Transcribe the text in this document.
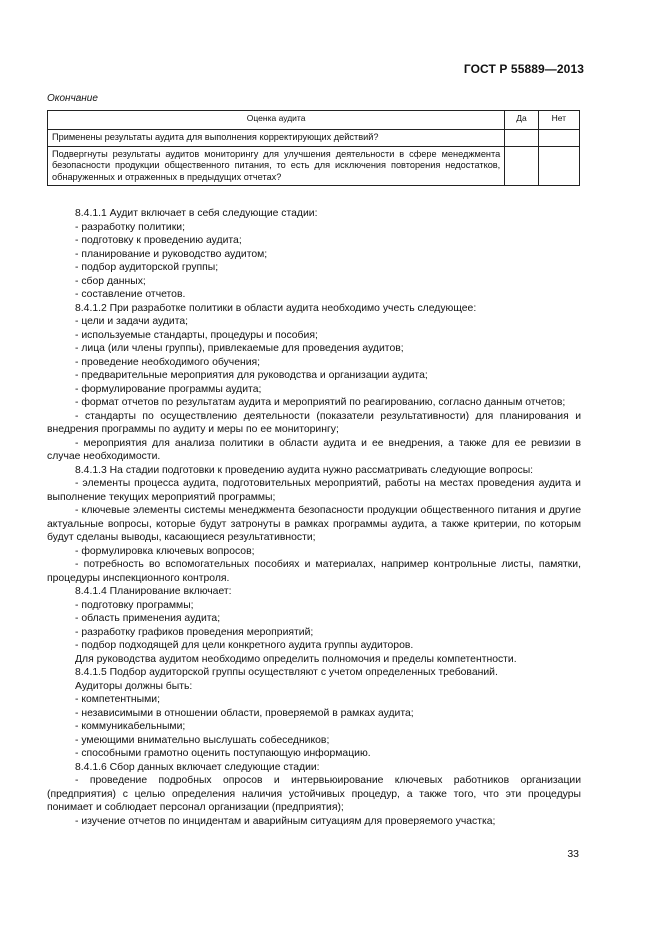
ГОСТ Р 55889—2013
Окончание
Оценка аудита	Да	Нет
Применены результаты аудита для выполнения корректирующих действий?		
Подвергнуты результаты аудитов мониторингу для улучшения деятельности в сфере менеджмента безопасности продукции общественного питания, то есть для исключения повторения недостатков, обнаруженных и отраженных в предыдущих отчетах?		

8.4.1.1 Аудит включает в себя следующие стадии:

- разработку политики;

- подготовку к проведению аудита;

- планирование и руководство аудитом;

- подбор аудиторской группы;

- сбор данных;

- составление отчетов.

8.4.1.2 При разработке политики в области аудита необходимо учесть следующее:

- цели и задачи аудита;

- используемые стандарты, процедуры и пособия;

- лица (или члены группы), привлекаемые для проведения аудитов;

- проведение необходимого обучения;

- предварительные мероприятия для руководства и организации аудита;

- формулирование программы аудита;

- формат отчетов по результатам аудита и мероприятий по реагированию, согласно данным отчетов;

- стандарты по осуществлению деятельности (показатели результативности) для планирования и внедрения программы по аудиту и меры по ее мониторингу;

- мероприятия для анализа политики в области аудита и ее внедрения, а также для ее ревизии в случае необходимости.

8.4.1.3 На стадии подготовки к проведению аудита нужно рассматривать следующие вопросы:

- элементы процесса аудита, подготовительных мероприятий, работы на местах проведения аудита и выполнение текущих мероприятий программы;

- ключевые элементы системы менеджмента безопасности продукции общественного питания и другие актуальные вопросы, которые будут затронуты в рамках программы аудита, а также критерии, по которым будут сделаны выводы, касающиеся результативности;

- формулировка ключевых вопросов;

- потребность во вспомогательных пособиях и материалах, например контрольные листы, памятки, процедуры инспекционного контроля.

8.4.1.4 Планирование включает:

- подготовку программы;

- область применения аудита;

- разработку графиков проведения мероприятий;

- подбор подходящей для цели конкретного аудита группы аудиторов.

Для руководства аудитом необходимо определить полномочия и пределы компетентности.

8.4.1.5 Подбор аудиторской группы осуществляют с учетом определенных требований.

Аудиторы должны быть:

- компетентными;

- независимыми в отношении области, проверяемой в рамках аудита;

- коммуникабельными;

- умеющими внимательно выслушать собеседников;

- способными грамотно оценить поступающую информацию.

8.4.1.6 Сбор данных включает следующие стадии:

- проведение подробных опросов и интервьюирование ключевых работников организации (предприятия) с целью определения наличия устойчивых процедур, а также того, что эти процедуры понимает и соблюдает персонал организации (предприятия);

- изучение отчетов по инцидентам и аварийным ситуациям для проверяемого участка;

33
